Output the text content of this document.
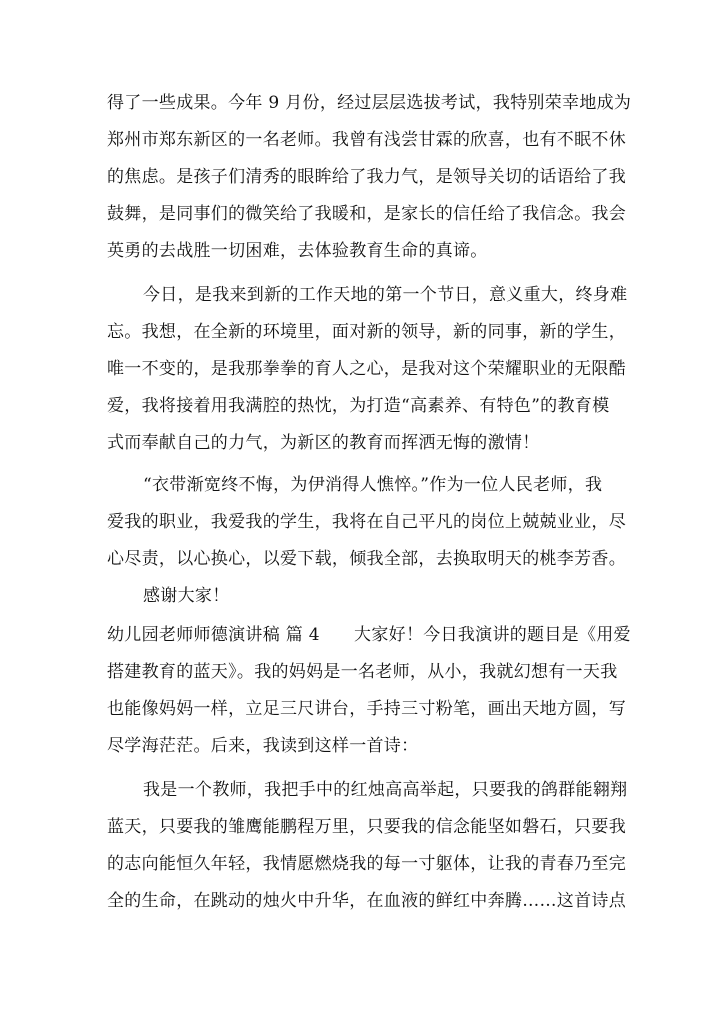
得了一些成果。今年 9 月份，经过层层选拔考试，我特别荣幸地成为
郑州市郑东新区的一名老师。我曾有浅尝甘霖的欣喜，也有不眠不休
的焦虑。是孩子们清秀的眼眸给了我力气，是领导关切的话语给了我
鼓舞，是同事们的微笑给了我暖和，是家长的信任给了我信念。我会
英勇的去战胜一切困难，去体验教育生命的真谛。
今日，是我来到新的工作天地的第一个节日，意义重大，终身难
忘。我想，在全新的环境里，面对新的领导，新的同事，新的学生，
唯一不变的，是我那拳拳的育人之心，是我对这个荣耀职业的无限酷
爱，我将接着用我满腔的热忱，为打造“高素养、有特色”的教育模
式而奉献自己的力气，为新区的教育而挥洒无悔的激情！
“衣带渐宽终不悔，为伊消得人憔悴。”作为一位人民老师，我
爱我的职业，我爱我的学生，我将在自己平凡的岗位上兢兢业业，尽
心尽责，以心换心，以爱下载，倾我全部，去换取明天的桃李芳香。
感谢大家！
幼儿园老师师德演讲稿 篇 4      大家好！今日我演讲的题目是《用爱
搭建教育的蓝天》。我的妈妈是一名老师，从小，我就幻想有一天我
也能像妈妈一样，立足三尺讲台，手持三寸粉笔，画出天地方圆，写
尽学海茫茫。后来，我读到这样一首诗：
我是一个教师，我把手中的红烛高高举起，只要我的鸽群能翱翔
蓝天，只要我的雏鹰能鹏程万里，只要我的信念能坚如磐石，只要我
的志向能恒久年轻，我情愿燃烧我的每一寸躯体，让我的青春乃至完
全的生命，在跳动的烛火中升华，在血液的鲜红中奔腾……这首诗点
